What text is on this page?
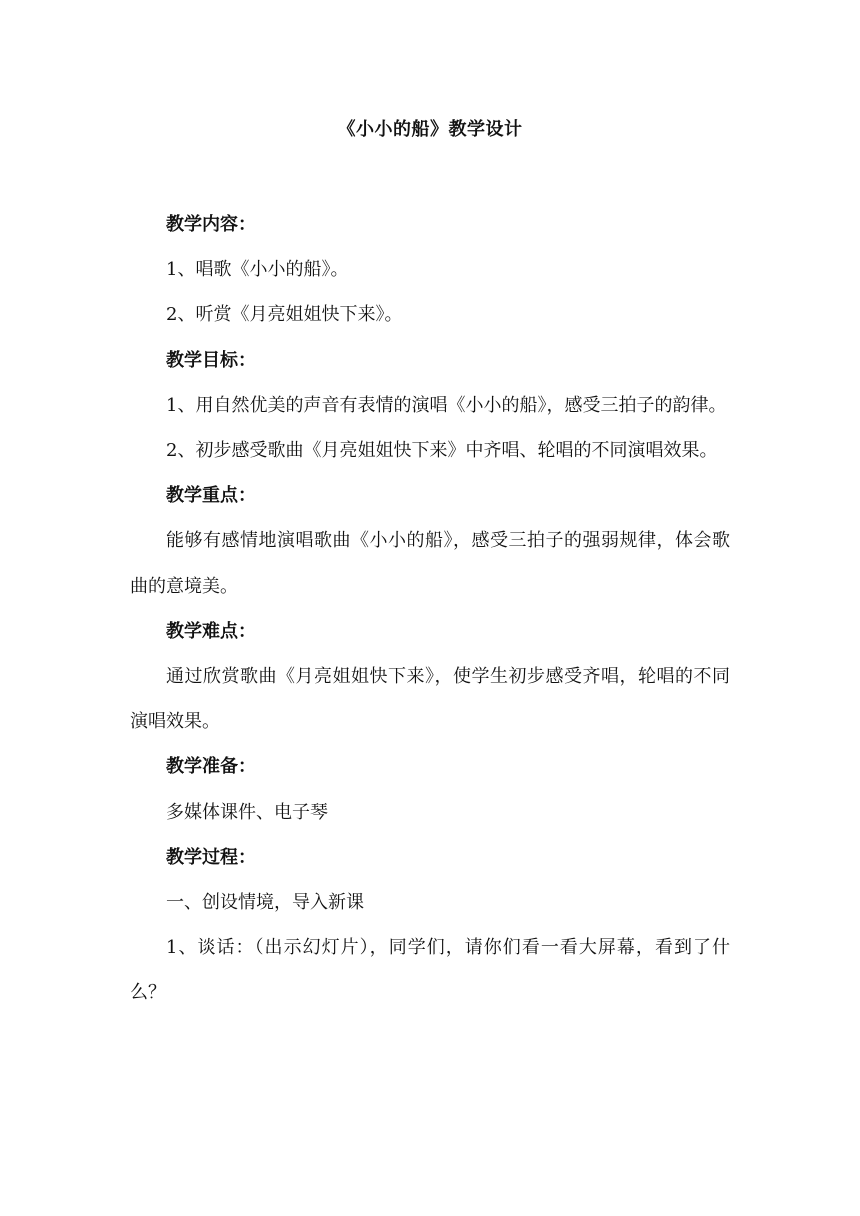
《小小的船》教学设计

教学内容：

1、唱歌《小小的船》。

2、听赏《月亮姐姐快下来》。

教学目标：

1、用自然优美的声音有表情的演唱《小小的船》，感受三拍子的韵律。

2、初步感受歌曲《月亮姐姐快下来》中齐唱、轮唱的不同演唱效果。

教学重点：

能够有感情地演唱歌曲《小小的船》，感受三拍子的强弱规律，体会歌曲的意境美。

教学难点：

通过欣赏歌曲《月亮姐姐快下来》，使学生初步感受齐唱，轮唱的不同演唱效果。

教学准备：

多媒体课件、电子琴

教学过程：

一、创设情境，导入新课

1、谈话：（出示幻灯片），同学们，请你们看一看大屏幕，看到了什么？
